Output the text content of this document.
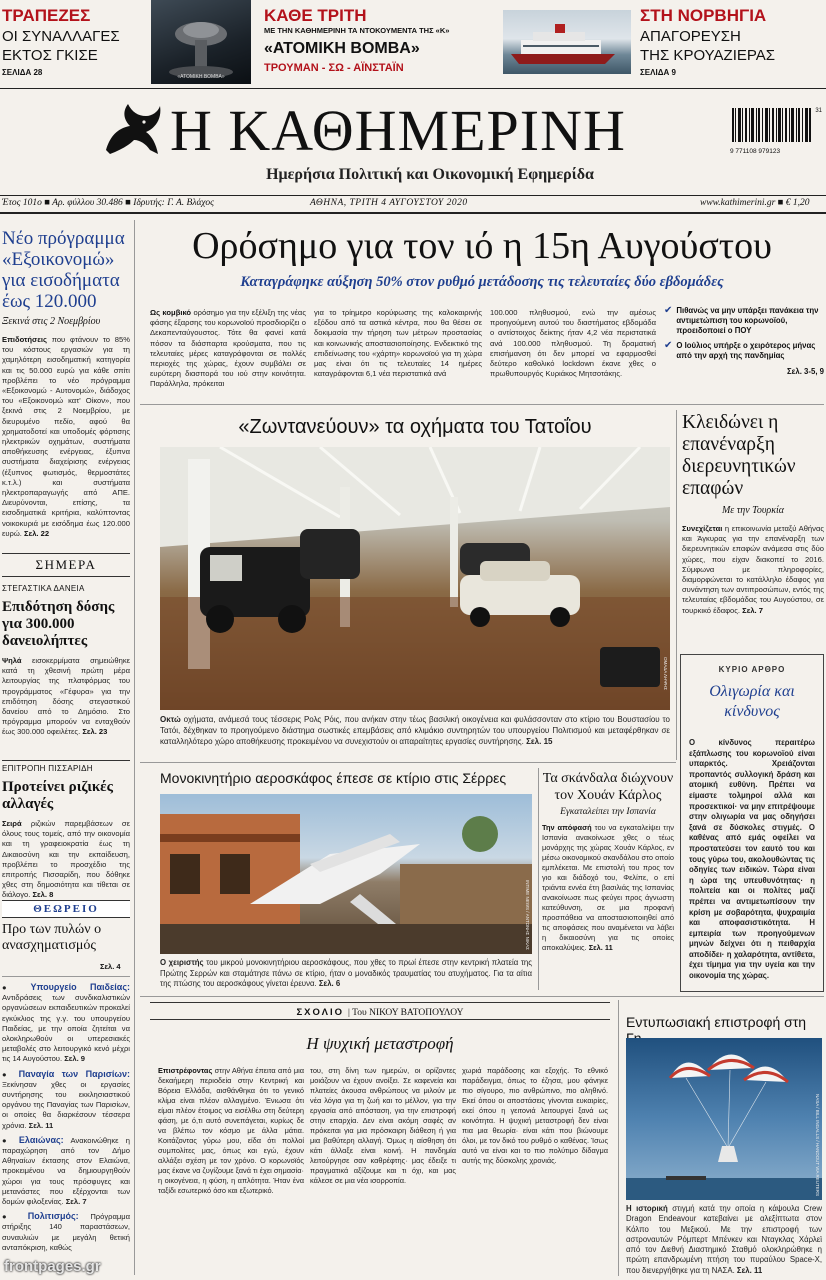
ΤΡΑΠΕΖΕΣ
ΟΙ ΣΥΝΑΛΛΑΓΕΣ
ΕΚΤΟΣ ΓΚΙΣΕ
ΣΕΛΙΔΑ 28	«ΑΤΟΜΙΚΗ ΒΟΜΒΑ»
ΚΑΘΕ ΤΡΙΤΗ
ΜΕ ΤΗΝ ΚΑΘΗΜΕΡΙΝΗ ΤΑ ΝΤΟΚΟΥΜΕΝΤΑ ΤΗΣ «Κ»
«ΑΤΟΜΙΚΗ ΒΟΜΒΑ»
ΤΡΟΥΜΑΝ - ΣΩ - ΑΪΝΣΤΑΪΝ
ΣΤΗ ΝΟΡΒΗΓΙΑ
ΑΠΑΓΟΡΕΥΣΗ
ΤΗΣ ΚΡΟΥΑΖΙΕΡΑΣ
ΣΕΛΙΔΑ 9
Η ΚΑΘΗΜΕΡΙΝΗ
Ημερήσια Πολιτική και Οικονομική Εφημερίδα
31
9 771108 979123
Έτος 101ο ■ Αρ. φύλλου 30.486 ■ Ιδρυτής: Γ. Α. Βλάχος	ΑΘΗΝΑ, ΤΡΙΤΗ 4 ΑΥΓΟΥΣΤΟΥ 2020	www.kathimerini.gr ■ € 1,20
Νέο πρόγραμμα «Εξοικονομώ» για εισοδήματα έως 120.000
Ξεκινά στις 2 Νοεμβρίου

Επιδοτήσεις που φτάνουν το 85% του κόστους εργασιών για τη χαμηλότερη εισοδηματική κατηγορία και τις 50.000 ευρώ για κάθε σπίτι προβλέπει το νέο πρόγραμμα «Εξοικονομώ - Αυτονομώ», διάδοχος του «Εξοικονομώ κατ' Οίκον», που ξεκινά στις 2 Νοεμβρίου, με διευρυμένο πεδίο, αφού θα χρηματοδοτεί και υποδομές φόρτισης ηλεκτρικών οχημάτων, συστήματα αποθήκευσης ενέργειας, έξυπνα συστήματα διαχείρισης ενέργειας (έξυπνος φωτισμός, θερμοστάτες κ.τ.λ.) και συστήματα ηλεκτροπαραγωγής από ΑΠΕ. Διευρύνονται, επίσης, τα εισοδηματικά κριτήρια, καλύπτοντας νοικοκυριά με εισόδημα έως 120.000 ευρώ. Σελ. 22

ΣΗΜΕΡΑ
ΣΤΕΓΑΣΤΙΚΑ ΔΑΝΕΙΑ
Επιδότηση δόσης για 300.000 δανειολήπτες

Ψηλά εισοκερμίματα σημειώθηκε κατά τη χθεσινή πρώτη μέρα λειτουργίας της πλατφόρμας του προγράμματος «Γέφυρα» για την επιδότηση δόσης στεγαστικού δανείου από το Δημόσιο. Στο πρόγραμμα μπορούν να ενταχθούν έως 300.000 οφειλέτες. Σελ. 23

ΕΠΙΤΡΟΠΗ ΠΙΣΣΑΡΙΔΗ
Προτείνει ριζικές αλλαγές

Σειρά ριζικών παρεμβάσεων σε όλους τους τομείς, από την οικονομία και τη γραφειοκρατία έως τη Δικαιοσύνη και την εκπαίδευση, προβλέπει το προσχέδιο της επιτροπής Πισσαρίδη, που δόθηκε χθες στη δημοσιότητα και τίθεται σε διάλογο. Σελ. 8

ΘΕΩΡΕΙΟ
Προ των πυλών ο ανασχηματισμός
Σελ. 4
● Υπουργείο Παιδείας: Αντιδράσεις των συνδικαλιστικών οργανώσεων εκπαιδευτικών προκαλεί εγκύκλιος της γ.γ. του υπουργείου Παιδείας, με την οποία ζητείται να ολοκληρωθούν οι υπερεσιακές μεταβολές στο λειτουργικό κενό μέχρι τις 14 Αυγούστου. Σελ. 9
● Παναγία των Παρισίων: Ξεκίνησαν χθες οι εργασίες συντήρησης του εκκλησιαστικού οργάνου της Παναγίας των Παρισίων, οι οποίες θα διαρκέσουν τέσσερα χρόνια. Σελ. 11
● Ελαιώνας: Ανακοινώθηκε η παραχώρηση από τον Δήμο Αθηναίων έκτασης στον Ελαιώνα, προκειμένου να δημιουργηθούν χώροι για τους πρόσφυγες και μετανάστες που εξέρχονται των δομών φιλοξενίας. Σελ. 7
● Πολιτισμός: Πρόγραμμα στήριξης 140 παραστάσεων, συναυλιών με μεγάλη θετική ανταπόκριση, καθώς
Ορόσημο για τον ιό η 15η Αυγούστου
Καταγράφηκε αύξηση 50% στον ρυθμό μετάδοσης τις τελευταίες δύο εβδομάδες

Ως κομβικό ορόσημο για την εξέλιξη της νέας φάσης έξαρσης του κορωνοϊού προσδιορίζει ο Δεκαπενταύγουστος. Τότε θα φανεί κατά πόσον τα διάσπαρτα κρούσματα, που τις τελευταίες μέρες καταγράφονται σε πολλές περιοχές της χώρας, έχουν συμβάλει σε ευρύτερη διασπορά του ιού στην κοινότητα. Παράλληλα, πρόκειται

για το τρίημερο κορύφωσης της καλοκαιρινής εξόδου από τα αστικά κέντρα, που θα θέσει σε δοκιμασία την τήρηση των μέτρων προστασίας και κοινωνικής αποστασιοποίησης. Ενδεικτικό της επιδείνωσης του «χάρτη» κορωνοϊού για τη χώρα μας είναι ότι τις τελευταίες 14 ημέρες καταγράφονται 6,1 νέα περιστατικά ανά

100.000 πληθυσμού, ενώ την αμέσως προηγούμενη αυτού του διαστήματος εβδομάδα ο αντίστοιχος δείκτης ήταν 4,2 νέα περιστατικά ανά 100.000 πληθυσμού. Τη δραματική επισήμανση ότι δεν μπορεί να εφαρμοσθεί δεύτερο καθολικό lockdown έκανε χθες ο πρωθυπουργός Κυριάκος Μητσοτάκης.

✔ Πιθανώς να μην υπάρξει πανάκεια την αντιμετώπιση του κορωνοϊού, προειδοποιεί ο ΠΟΥ
✔ Ο Ιούλιος υπήρξε ο χειρότερος μήνας από την αρχή της πανδημίας
Σελ. 3-5, 9
«Ζωντανεύουν» τα οχήματα του Τατοΐου
ΟΜΑΔΑ ΛΗΨΗΣ

Οκτώ οχήματα, ανάμεσά τους τέσσερις Ρολς Ρόις, που ανήκαν στην τέως βασιλική οικογένεια και φυλάσσονταν στο κτίριο του Βουστασίου το Τατόι, δέχθηκαν το προηγούμενο διάστημα σωστικές επεμβάσεις από κλιμάκιο συντηρητών του υπουργείου Πολιτισμού και μεταφέρθηκαν σε καταλληλότερο χώρο αποθήκευσης προκειμένου να συνεχιστούν οι απαραίτητες εργασίες συντήρησης. Σελ. 15

Κλειδώνει η επανέναρξη διερευνητικών επαφών
Με την Τουρκία

Συνεχίζεται η επικοινωνία μεταξύ Αθήνας και Άγκυρας για την επανέναρξη των διερευνητικών επαφών ανάμεσα στις δύο χώρες, που είχαν διακοπεί το 2016. Σύμφωνα με πληροφορίες, διαμορφώνεται το κατάλληλο έδαφος για συνάντηση των αντιπροσώπων, εντός της τελευταίας εβδομάδας του Αυγούστου, σε τουρκικό έδαφος. Σελ. 7

ΚΥΡΙΟ ΑΡΘΡΟ
Ολιγωρία και κίνδυνος

Ο κίνδυνος περαιτέρω εξάπλωσης του κορωνοϊού είναι υπαρκτός. Χρειάζονται προπαντός συλλογική δράση και ατομική ευθύνη. Πρέπει να είμαστε τολμηροί αλλά και προσεκτικοί· να μην επιτρέψουμε στην ολιγωρία να μας οδηγήσει ξανά σε δύσκολες στιγμές. Ο καθένας από εμάς οφείλει να προστατεύσει τον εαυτό του και τους γύρω του, ακολουθώντας τις οδηγίες των ειδικών. Τώρα είναι η ώρα της υπευθυνότητας· η πολιτεία και οι πολίτες μαζί πρέπει να αντιμετωπίσουν την κρίση με σοβαρότητα, ψυχραιμία και αποφασιστικότητα. Η εμπειρία των προηγούμενων μηνών δείχνει ότι η πειθαρχία αποδίδει· η χαλαρότητα, αντίθετα, έχει τίμημα για την υγεία και την οικονομία της χώρας.

Μονοκινητήριο αεροσκάφος έπεσε σε κτίριο στις Σέρρες
INTIME NEWS / ΑΝΤΩΝΗΣ ΝΙΚΑΣ

Ο χειριστής του μικρού μονοκινητήριου αεροσκάφους, που χθες το πρωί έπεσε στην κεντρική πλατεία της Πρώτης Σερρών και σταμάτησε πάνω σε κτίριο, ήταν ο μοναδικός τραυματίας του ατυχήματος. Για τα αίτια της πτώσης του αεροσκάφους γίνεται έρευνα. Σελ. 6

Τα σκάνδαλα διώχνουν τον Χουάν Κάρλος
Εγκαταλείπει την Ισπανία

Την απόφασή του να εγκαταλείψει την Ισπανία ανακοίνωσε χθες ο τέως μονάρχης της χώρας Χουάν Κάρλος, εν μέσω οικονομικού σκανδάλου στο οποίο εμπλέκεται. Με επιστολή του προς τον γιο και διάδοχό του, Φελίπε, ο επί τριάντα εννέα έτη βασιλιάς της Ισπανίας ανακοίνωσε πως φεύγει προς άγνωστη κατεύθυνση, σε μια προφανή προσπάθεια να αποστασιοποιηθεί από τις αποφάσεις που αναμένεται να λάβει η δικαιοσύνη για τις οποίες αποκαλύψεις. Σελ. 11

ΣΧΟΛΙΟ | Του ΝΙΚΟΥ ΒΑΤΟΠΟΥΛΟΥ
Η ψυχική μεταστροφή

Επιστρέφοντας στην Αθήνα έπειτα από μια δεκαήμερη περιοδεία στην Κεντρική και Βόρεια Ελλάδα, αισθάνθηκα ότι το γενικό κλίμα είναι πλέον αλλαγμένο. Ένιωσα ότι είμαι πλέον έτοιμος να εισέλθω στη δεύτερη φάση, με ό,τι αυτό συνεπάγεται, κυρίως δε να βλέπω τον κόσμο με άλλα μάτια. Κοιτάζοντας γύρω μου, είδα ότι πολλοί συμπολίτες μας, όπως και εγώ, έχουν αλλάξει σχέση με τον χρόνο. Ο κορωνοϊός μας έκανε να ζυγίζουμε ξανά τι έχει σημασία· η οικογένεια, η φύση, η απλότητα. Ήταν ένα ταξίδι εσωτερικό όσο και εξωτερικό.

του, στη δίνη των ημερών, οι ορίζοντες μοιάζουν να έχουν ανοίξει. Σε καφενεία και πλατείες άκουσα ανθρώπους να μιλούν με νέα λόγια για τη ζωή και το μέλλον, για την εργασία από απόσταση, για την επιστροφή στην επαρχία. Δεν είναι ακόμη σαφές αν πρόκειται για μια πρόσκαιρη διάθεση ή για μια βαθύτερη αλλαγή. Όμως η αίσθηση ότι κάτι άλλαξε είναι κοινή. Η πανδημία λειτούργησε σαν καθρέφτης· μας έδειξε τι πραγματικά αξίζουμε και τι όχι, και μας κάλεσε σε μια νέα ισορροπία.

χωριά παράδοσης και εξοχής. Το εθνικό παράδειγμα, όπως το έζησα, μου φάνηκε πιο σίγουρο, πιο ανθρώπινο, πιο αληθινό. Εκεί όπου οι αποστάσεις γίνονται ευκαιρίες, εκεί όπου η γειτονιά λειτουργεί ξανά ως κοινότητα. Η ψυχική μεταστροφή δεν είναι πια μια θεωρία· είναι κάτι που βιώνουμε όλοι, με τον δικό του ρυθμό ο καθένας. Ίσως αυτό να είναι και το πιο πολύτιμο δίδαγμα αυτής της δύσκολης χρονιάς.

Εντυπωσιακή επιστροφή στη
NASA / BILL INGALLS / HANDOUT VIA REUTERS

Η ιστορική στιγμή κατά την οποία η κάψουλα Crew Dragon Endeavour κατεβαίνει με αλεξίπτωτα στον Κόλπο του Μεξικού. Με την επιστροφή των αστροναυτών Ρόμπερτ Μπένκεν και Νταγκλας Χάρλεϊ από τον Διεθνή Διαστημικό Σταθμό ολοκληρώθηκε η πρώτη επανδρωμένη πτήση του πυραύλου Space-X, που διενεργήθηκε για τη ΝΑΣΑ. Σελ. 11

frontpages.gr
